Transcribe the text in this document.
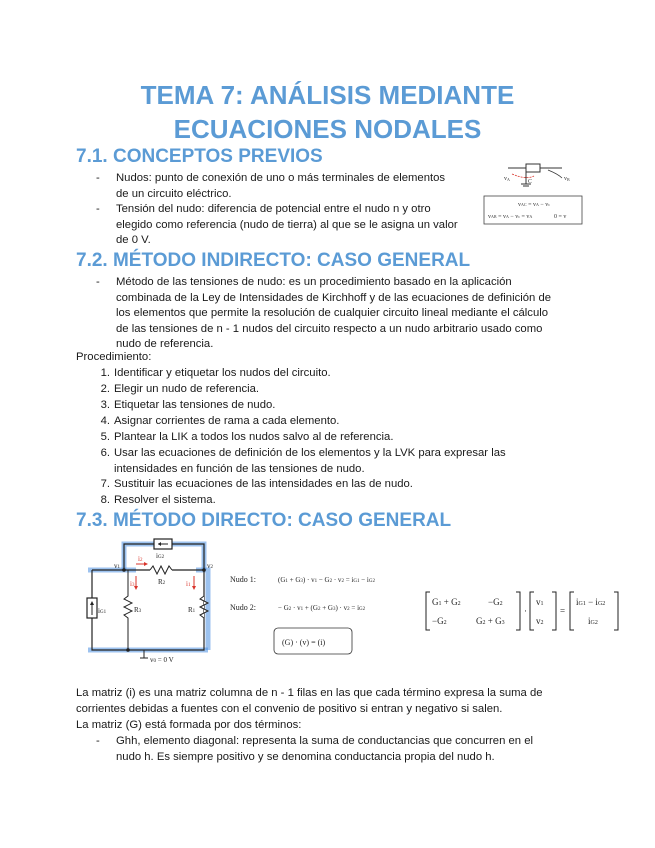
TEMA 7: ANÁLISIS MEDIANTE
ECUACIONES NODALES
7.1. CONCEPTOS PREVIOS
- Nudos: punto de conexión de uno o más terminales de elementos
de un circuito eléctrico.
- Tensión del nudo: diferencia de potencial entre el nudo n y otro
elegido como referencia (nudo de tierra) al que se le asigna un valor
de 0 V.
vA	vB
C
vAC = vA − vc
vAB = vA − vc = vA	0 = v
7.2. MÉTODO INDIRECTO: CASO GENERAL
- Método de las tensiones de nudo: es un procedimiento basado en la aplicación
combinada de la Ley de Intensidades de Kirchhoff y de las ecuaciones de definición de
los elementos que permite la resolución de cualquier circuito lineal mediante el cálculo
de las tensiones de n - 1 nudos del circuito respecto a un nudo arbitrario usado como
nudo de referencia.
Procedimiento:
1. Identificar y etiquetar los nudos del circuito.
2. Elegir un nudo de referencia.
3. Etiquetar las tensiones de nudo.
4. Asignar corrientes de rama a cada elemento.
5. Plantear la LIK a todos los nudos salvo al de referencia.
6. Usar las ecuaciones de definición de los elementos y la LVK para expresar las
intensidades en función de las tensiones de nudo.
7. Sustituir las ecuaciones de las intensidades en las de nudo.
8. Resolver el sistema.
7.3. MÉTODO DIRECTO: CASO GENERAL
v1	v2
iG2
iG1
R2
R3	R1
i2
i3	i1
v0 = 0 V
Nudo 1:	(G1 + G3) · v1 − G2 · v2 = iG1 − iG2
Nudo 2:	− G2 · v1 + (G2 + G3) · v2 = iG2
(G) · (v) = (i)
G1 + G2	−G2
−G2	G2 + G3
·
v1
v2
=
iG1 − iG2
iG2
La matriz (i) es una matriz columna de n - 1 filas en las que cada término expresa la suma de
corrientes debidas a fuentes con el convenio de positivo si entran y negativo si salen.
La matriz (G) está formada por dos términos:
- Ghh, elemento diagonal: representa la suma de conductancias que concurren en el
nudo h. Es siempre positivo y se denomina conductancia propia del nudo h.
